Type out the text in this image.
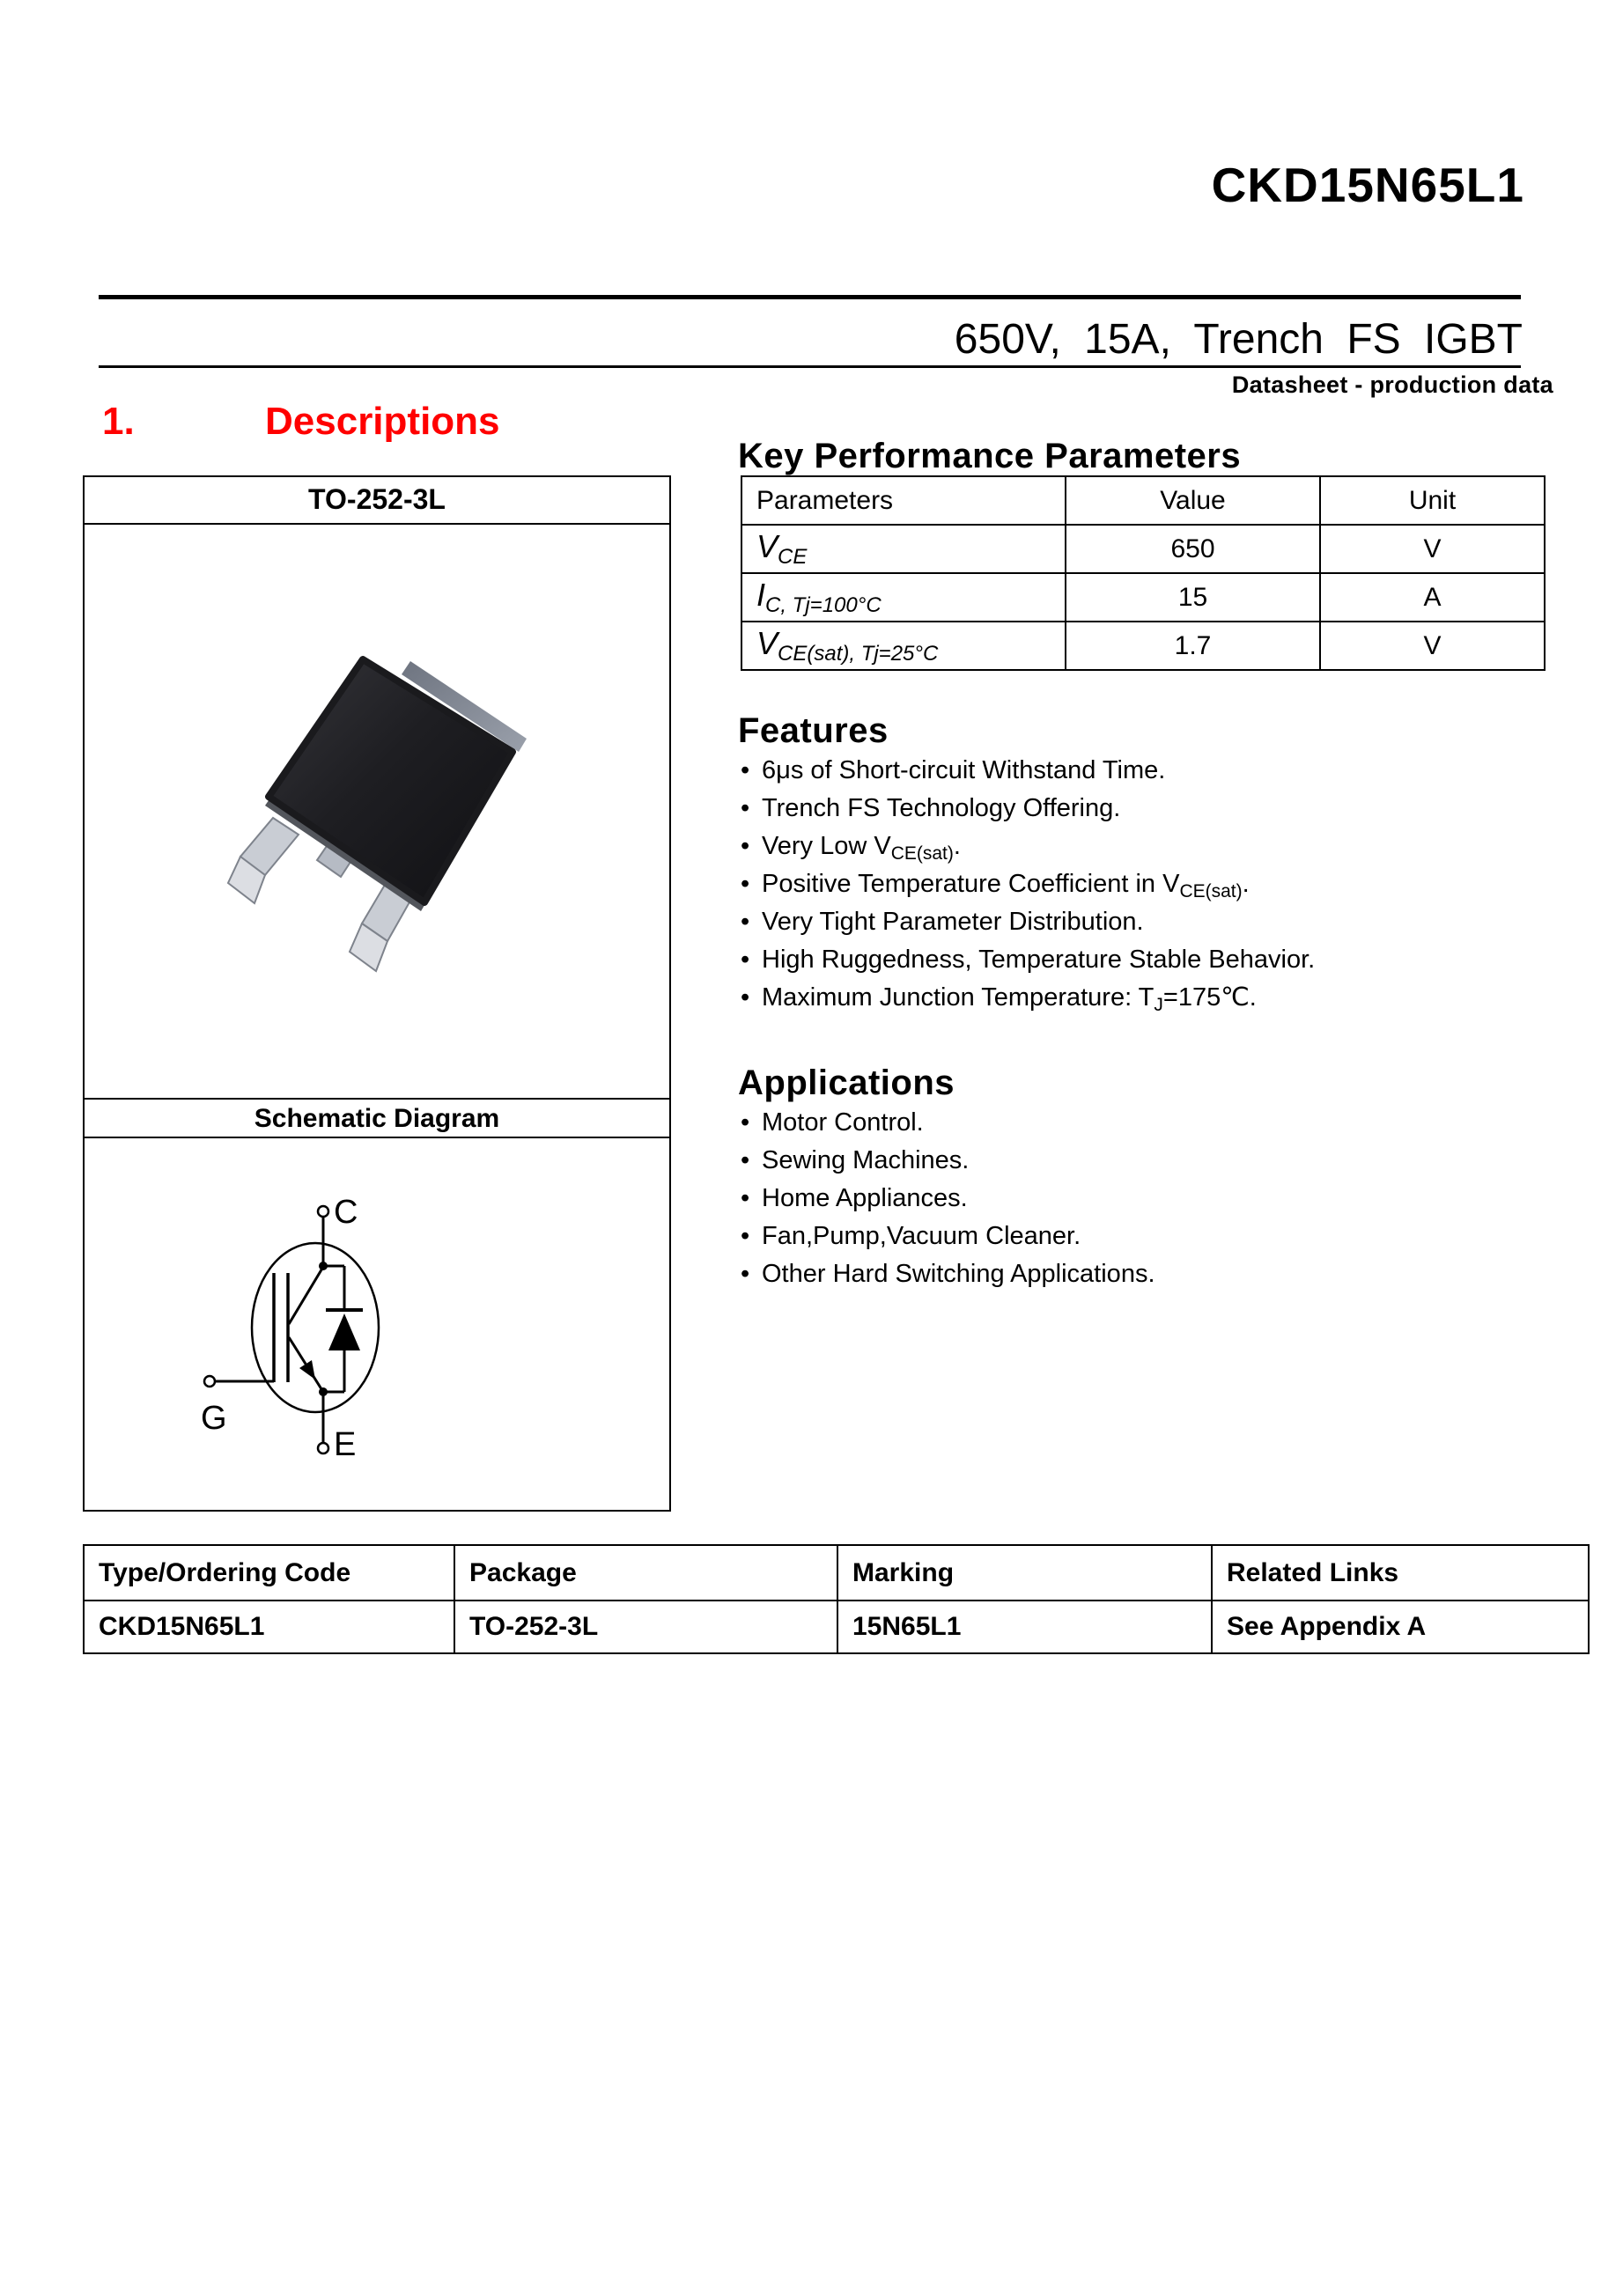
CKD15N65L1
650V, 15A, Trench FS IGBT
Datasheet - production data
1.	Descriptions
TO-252-3L
Schematic Diagram
C
G
E
Key Performance Parameters
Parameters	Value	Unit
$V_{CE}$	650	V
$I_{C, Tj=100^\circ C}$	15	A
$V_{CE(sat), Tj=25^\circ C}$	1.7	V
Features
• 6μs of Short-circuit Withstand Time.
• Trench FS Technology Offering.
• Very Low $V_{CE(sat)}$.
• Positive Temperature Coefficient in $V_{CE(sat)}$.
• Very Tight Parameter Distribution.
• High Ruggedness, Temperature Stable Behavior.
• Maximum Junction Temperature: $T_J=175℃$.
Applications
• Motor Control.
• Sewing Machines.
• Home Appliances.
• Fan,Pump,Vacuum Cleaner.
• Other Hard Switching Applications.
Type/Ordering Code	Package	Marking	Related Links
CKD15N65L1	TO-252-3L	15N65L1	See Appendix A
